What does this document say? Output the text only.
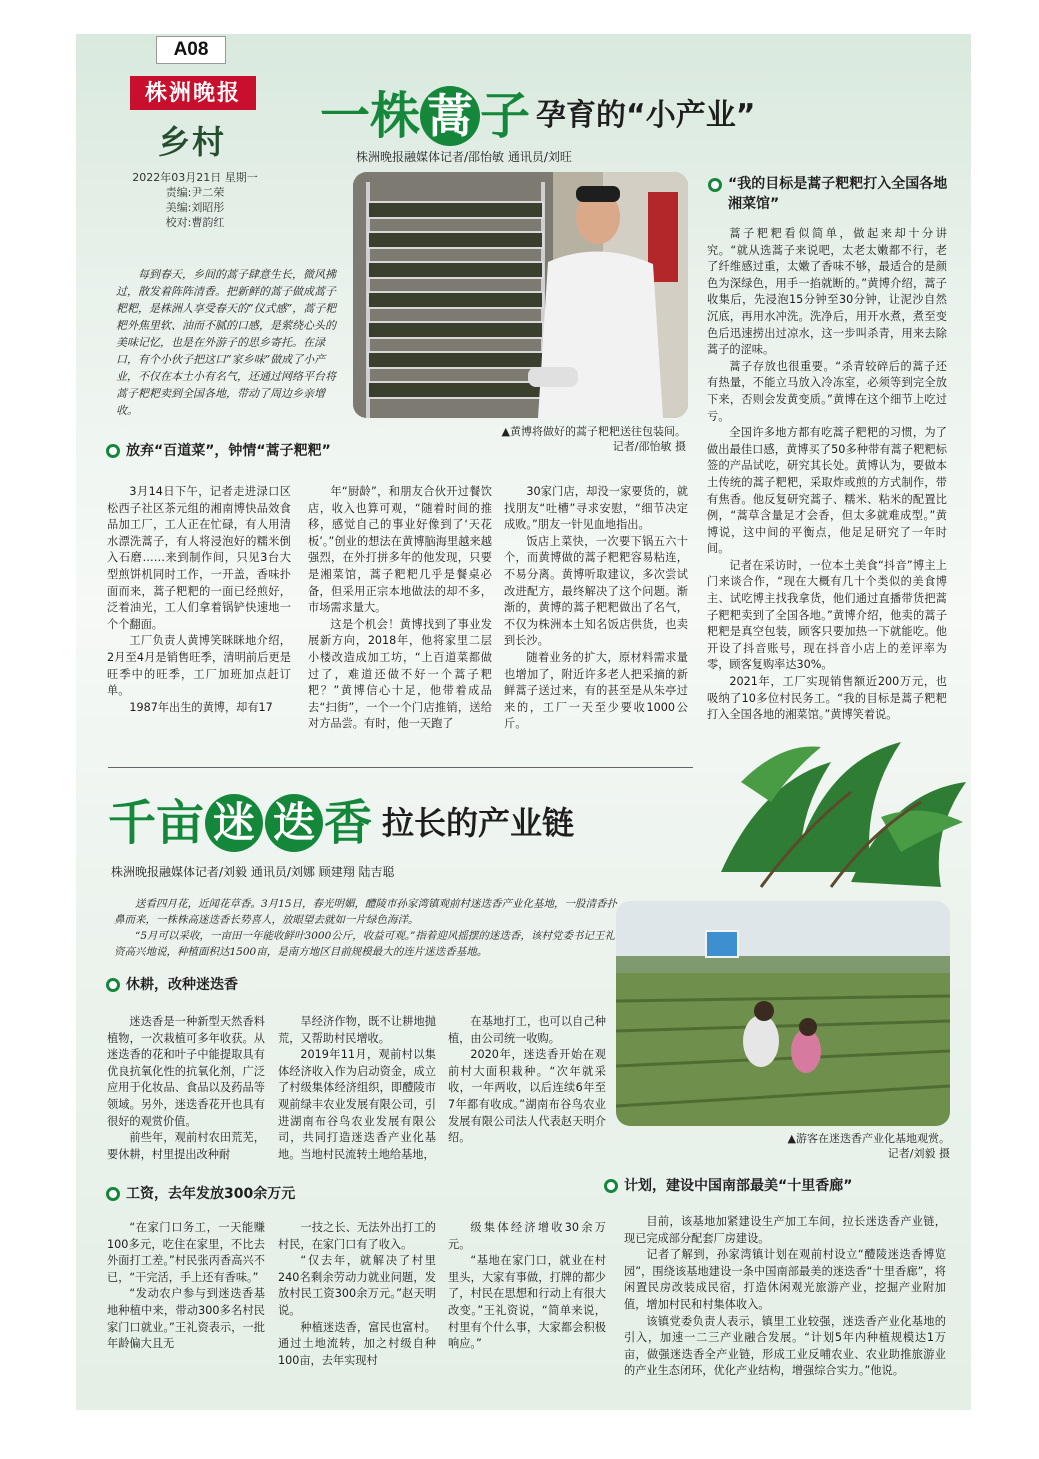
A08
株洲晚报
乡村
2022年03月21日 星期一
责编:尹二荣
美编:刘昭彤
校对:曹韵红
一株 蒿 子 孕育的“小产业”
株洲晚报融媒体记者/邵怡敏 通讯员/刘旺
每到春天，乡间的蒿子肆意生长，微风拂过，散发着阵阵清香。把新鲜的蒿子做成蒿子粑粑，是株洲人享受春天的“仪式感”，蒿子粑粑外焦里软、油而不腻的口感，是萦绕心头的美味记忆，也是在外游子的思乡寄托。在渌口，有个小伙子把这口“家乡味”做成了小产业，不仅在本土小有名气，还通过网络平台将蒿子粑粑卖到全国各地，带动了周边乡亲增收。
▲黄博将做好的蒿子粑粑送往包装间。
记者/邵怡敏 摄
放弃“百道菜”，钟情“蒿子粑粑”

3月14日下午，记者走进渌口区松西子社区茶元组的湘南博快品效食品加工厂，工人正在忙碌，有人用清水漂洗蒿子，有人将浸泡好的糯米倒入石磨……来到制作间，只见3台大型煎饼机同时工作，一开盖，香味扑面而来，蒿子粑粑的一面已经煎好，泛着油光，工人们拿着锅铲快速地一个个翻面。

工厂负责人黄博笑眯眯地介绍，2月至4月是销售旺季，清明前后更是旺季中的旺季，工厂加班加点赶订单。

1987年出生的黄博，却有17

年“厨龄”，和朋友合伙开过餐饮店，收入也算可观，“随着时间的推移，感觉自己的事业好像到了‘天花板’。”创业的想法在黄博脑海里越来越强烈，在外打拼多年的他发现，只要是湘菜馆，蒿子粑粑几乎是餐桌必备，但采用正宗本地做法的却不多，市场需求量大。

这是个机会！黄博找到了事业发展新方向，2018年，他将家里二层小楼改造成加工坊，“上百道菜都做过了，难道还做不好一个蒿子粑粑？”黄博信心十足，他带着成品去“扫街”，一个一个门店推销，送给对方品尝。有时，他一天跑了

30家门店，却没一家要货的，就找朋友“吐槽”寻求安慰，“细节决定成败。”朋友一针见血地指出。

饭店上菜快，一次要下锅五六十个，而黄博做的蒿子粑粑容易粘连，不易分离。黄博听取建议，多次尝试改进配方，最终解决了这个问题。渐渐的，黄博的蒿子粑粑做出了名气，不仅为株洲本土知名饭店供货，也卖到长沙。

随着业务的扩大，原材料需求量也增加了，附近许多老人把采摘的新鲜蒿子送过来，有的甚至是从朱亭过来的，工厂一天至少要收1000公斤。

“我的目标是蒿子粑粑打入全国各地湘菜馆”

蒿子粑粑看似简单，做起来却十分讲究。“就从选蒿子来说吧，太老太嫩都不行，老了纤维感过重，太嫩了香味不够，最适合的是颜色为深绿色，用手一掐就断的。”黄博介绍，蒿子收集后，先浸泡15分钟至30分钟，让泥沙自然沉底，再用水冲洗。洗净后，用开水煮，煮至变色后迅速捞出过凉水，这一步叫杀青，用来去除蒿子的涩味。

蒿子存放也很重要。“杀青较碎后的蒿子还有热量，不能立马放入冷冻室，必须等到完全放下来，否则会发黄变质。”黄博在这个细节上吃过亏。

全国许多地方都有吃蒿子粑粑的习惯，为了做出最佳口感，黄博买了50多种带有蒿子粑粑标签的产品试吃，研究其长处。黄博认为，要做本土传统的蒿子粑粑，采取炸或煎的方式制作，带有焦香。他反复研究蒿子、糯米、粘米的配置比例，“蒿草含量足才会香，但太多就难成型。”黄博说，这中间的平衡点，他足足研究了一年时间。

记者在采访时，一位本土美食“抖音”博主上门来谈合作，“现在大概有几十个类似的美食博主、试吃博主找我拿货，他们通过直播带货把蒿子粑粑卖到了全国各地。”黄博介绍，他卖的蒿子粑粑是真空包装，顾客只要加热一下就能吃。他开设了抖音账号，现在抖音小店上的差评率为零，顾客复购率达30%。

2021年，工厂实现销售额近200万元，也吸纳了10多位村民务工。“我的目标是蒿子粑粑打入全国各地的湘菜馆。”黄博笑着说。

千亩 迷 迭 香 拉长的产业链
株洲晚报融媒体记者/刘毅 通讯员/刘娜 顾建翔 陆吉聪

送看四月花，近闻花草香。3月15日，春光明媚，醴陵市孙家湾镇观前村迷迭香产业化基地，一股清香扑鼻而来，一株株高迷迭香长势喜人，放眼望去就如一片绿色海洋。

“5月可以采收，一亩田一年能收鲜叶3000公斤，收益可观。”指着迎风摇摆的迷迭香，该村党委书记王礼资高兴地说，种植面积达1500亩，是南方地区目前规模最大的连片迷迭香基地。

▲游客在迷迭香产业化基地观赏。
记者/刘毅 摄
休耕，改种迷迭香

迷迭香是一种新型天然香料植物，一次栽植可多年收获。从迷迭香的花和叶子中能提取具有优良抗氧化性的抗氧化剂，广泛应用于化妆品、食品以及药品等领域。另外，迷迭香花开也具有很好的观赏价值。

前些年，观前村农田荒芜，要休耕，村里提出改种耐

旱经济作物，既不让耕地抛荒，又帮助村民增收。

2019年11月，观前村以集体经济收入作为启动资金，成立了村级集体经济组织，即醴陵市观前绿丰农业发展有限公司，引进湖南布谷鸟农业发展有限公司，共同打造迷迭香产业化基地。当地村民流转土地给基地，

在基地打工，也可以自己种植，由公司统一收购。

2020年，迷迭香开始在观前村大面积栽种。“次年就采收，一年两收，以后连续6年至7年都有收成。”湖南布谷鸟农业发展有限公司法人代表赵天明介绍。

工资，去年发放300余万元

“在家门口务工，一天能赚100多元，吃住在家里，不比去外面打工差。”村民张丙香高兴不已，“干完活，手上还有香味。”

“发动农户参与到迷迭香基地种植中来，带动300多名村民家门口就业。”王礼资表示，一批年龄偏大且无

一技之长、无法外出打工的村民，在家门口有了收入。

“仅去年，就解决了村里240名剩余劳动力就业问题，发放村民工资300余万元。”赵天明说。

种植迷迭香，富民也富村。通过土地流转，加之村级自种100亩，去年实现村

级集体经济增收30余万元。

“基地在家门口，就业在村里头，大家有事做，打牌的都少了，村民在思想和行动上有很大改变。”王礼资说，“简单来说，村里有个什么事，大家都会积极响应。”

计划，建设中国南部最美“十里香廊”

目前，该基地加紧建设生产加工车间，拉长迷迭香产业链，现已完成部分配套厂房建设。

记者了解到，孙家湾镇计划在观前村设立“醴陵迷迭香博览园”，围绕该基地建设一条中国南部最美的迷迭香“十里香廊”，将闲置民房改装成民宿，打造休闲观光旅游产业，挖掘产业附加值，增加村民和村集体收入。

该镇党委负责人表示，镇里工业较强，迷迭香产业化基地的引入，加速一二三产业融合发展。“计划5年内种植规模达1万亩，做强迷迭香全产业链，形成工业反哺农业、农业助推旅游业的产业生态闭环，优化产业结构，增强综合实力。”他说。
